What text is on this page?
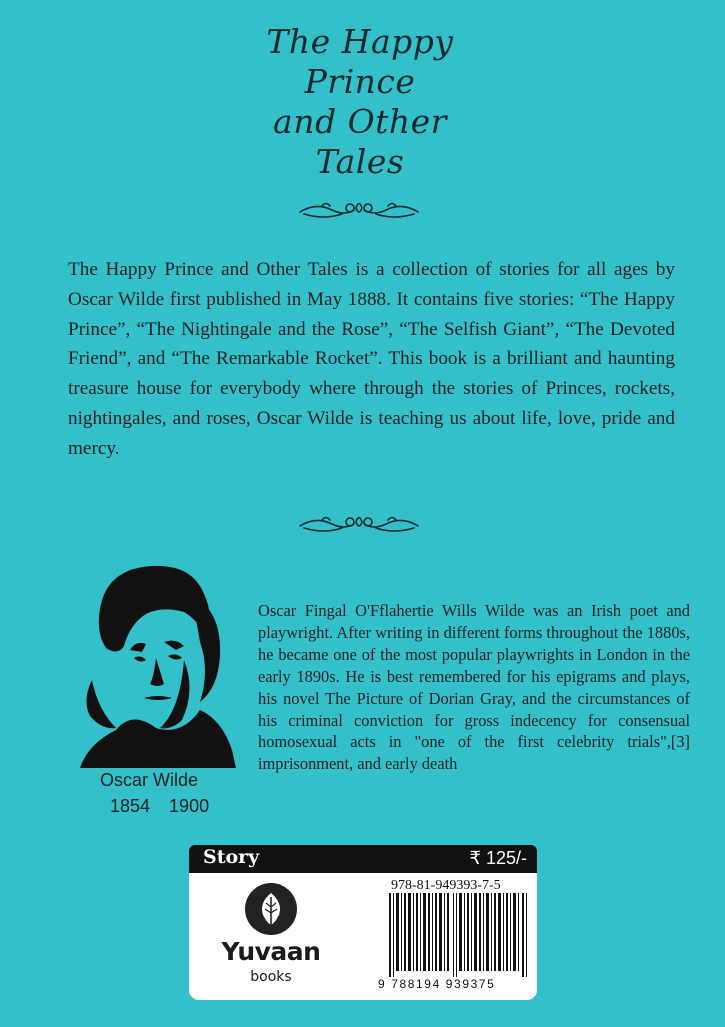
The Happy
Prince
and Other
Tales

The Happy Prince and Other Tales is a collection of stories for all ages by Oscar Wilde first published in May 1888. It contains five stories: “The Happy Prince”, “The Nightingale and the Rose”, “The Selfish Giant”, “The Devoted Friend”, and “The Remarkable Rocket”. This book is a brilliant and haunting treasure house for everybody where through the stories of Princes, rockets, nightingales, and roses, Oscar Wilde is teaching us about life, love, pride and mercy.

Oscar Wilde
1854 1900

Oscar Fingal O'Fflahertie Wills Wilde was an Irish poet and playwright. After writing in different forms throughout the 1880s, he became one of the most popular playwrights in London in the early 1890s. He is best remembered for his epigrams and plays, his novel The Picture of Dorian Gray, and the circumstances of his criminal conviction for gross indecency for consensual homosexual acts in "one of the first celebrity trials",[3] imprisonment, and early death

Story	₹ 125/-
Yuvaan
books
978-81-949393-7-5
9 788194 939375
